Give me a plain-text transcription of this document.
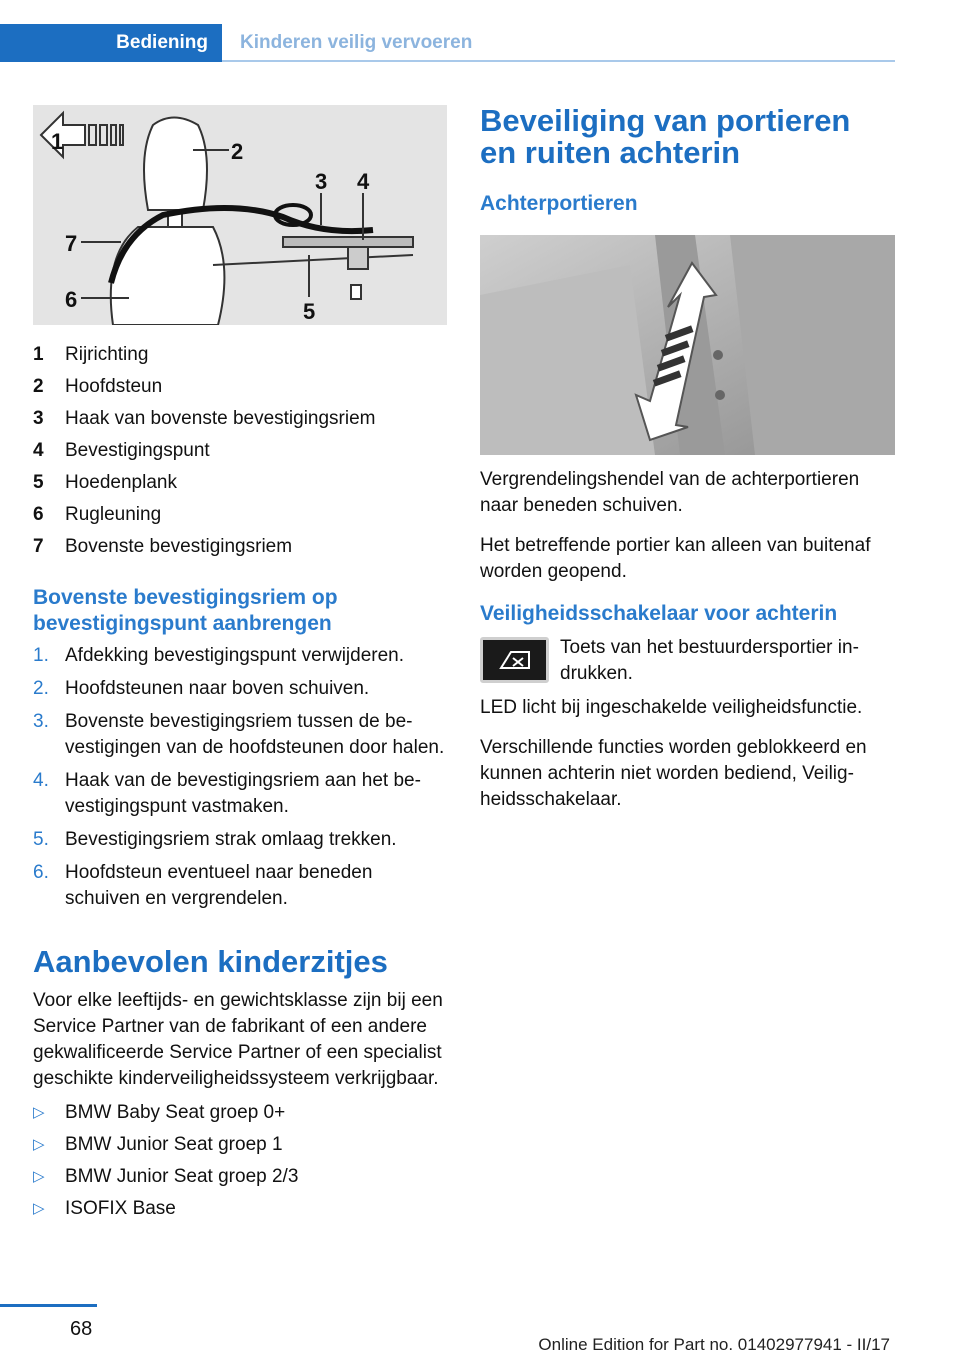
Bediening	Kinderen veilig vervoeren
1	2
3 4
5
6
7
1	Rijrichting
2	Hoofdsteun
3	Haak van bovenste bevestigingsriem
4	Bevestigingspunt
5	Hoedenplank
6	Rugleuning
7	Bovenste bevestigingsriem
Bovenste bevestigingsriem op bevestigingspunt aanbrengen
1. Afdekking bevestigingspunt verwijderen.
2. Hoofdsteunen naar boven schuiven.
3. Bovenste bevestigingsriem tussen de bevestigingen van de hoofdsteunen door halen.
4. Haak van de bevestigingsriem aan het bevestigingspunt vastmaken.
5. Bevestigingsriem strak omlaag trekken.
6. Hoofdsteun eventueel naar beneden schuiven en vergrendelen.
Aanbevolen kinderzitjes

Voor elke leeftijds- en gewichtsklasse zijn bij een Service Partner van de fabrikant of een andere gekwalificeerde Service Partner of een specialist geschikte kinderveiligheidssysteem verkrijgbaar.

▷	BMW Baby Seat groep 0+
▷	BMW Junior Seat groep 1
▷	BMW Junior Seat groep 2/3
▷	ISOFIX Base
Beveiliging van portieren en ruiten achterin
Achterportieren

Vergrendelingshendel van de achterportieren naar beneden schuiven.

Het betreffende portier kan alleen van buitenaf worden geopend.

Veiligheidsschakelaar voor achterin
Toets van het bestuurdersportier indrukken.

LED licht bij ingeschakelde veiligheidsfunctie.

Verschillende functies worden geblokkeerd en kunnen achterin niet worden bediend, Veiligheidsschakelaar.

68
Online Edition for Part no. 01402977941 - II/17
